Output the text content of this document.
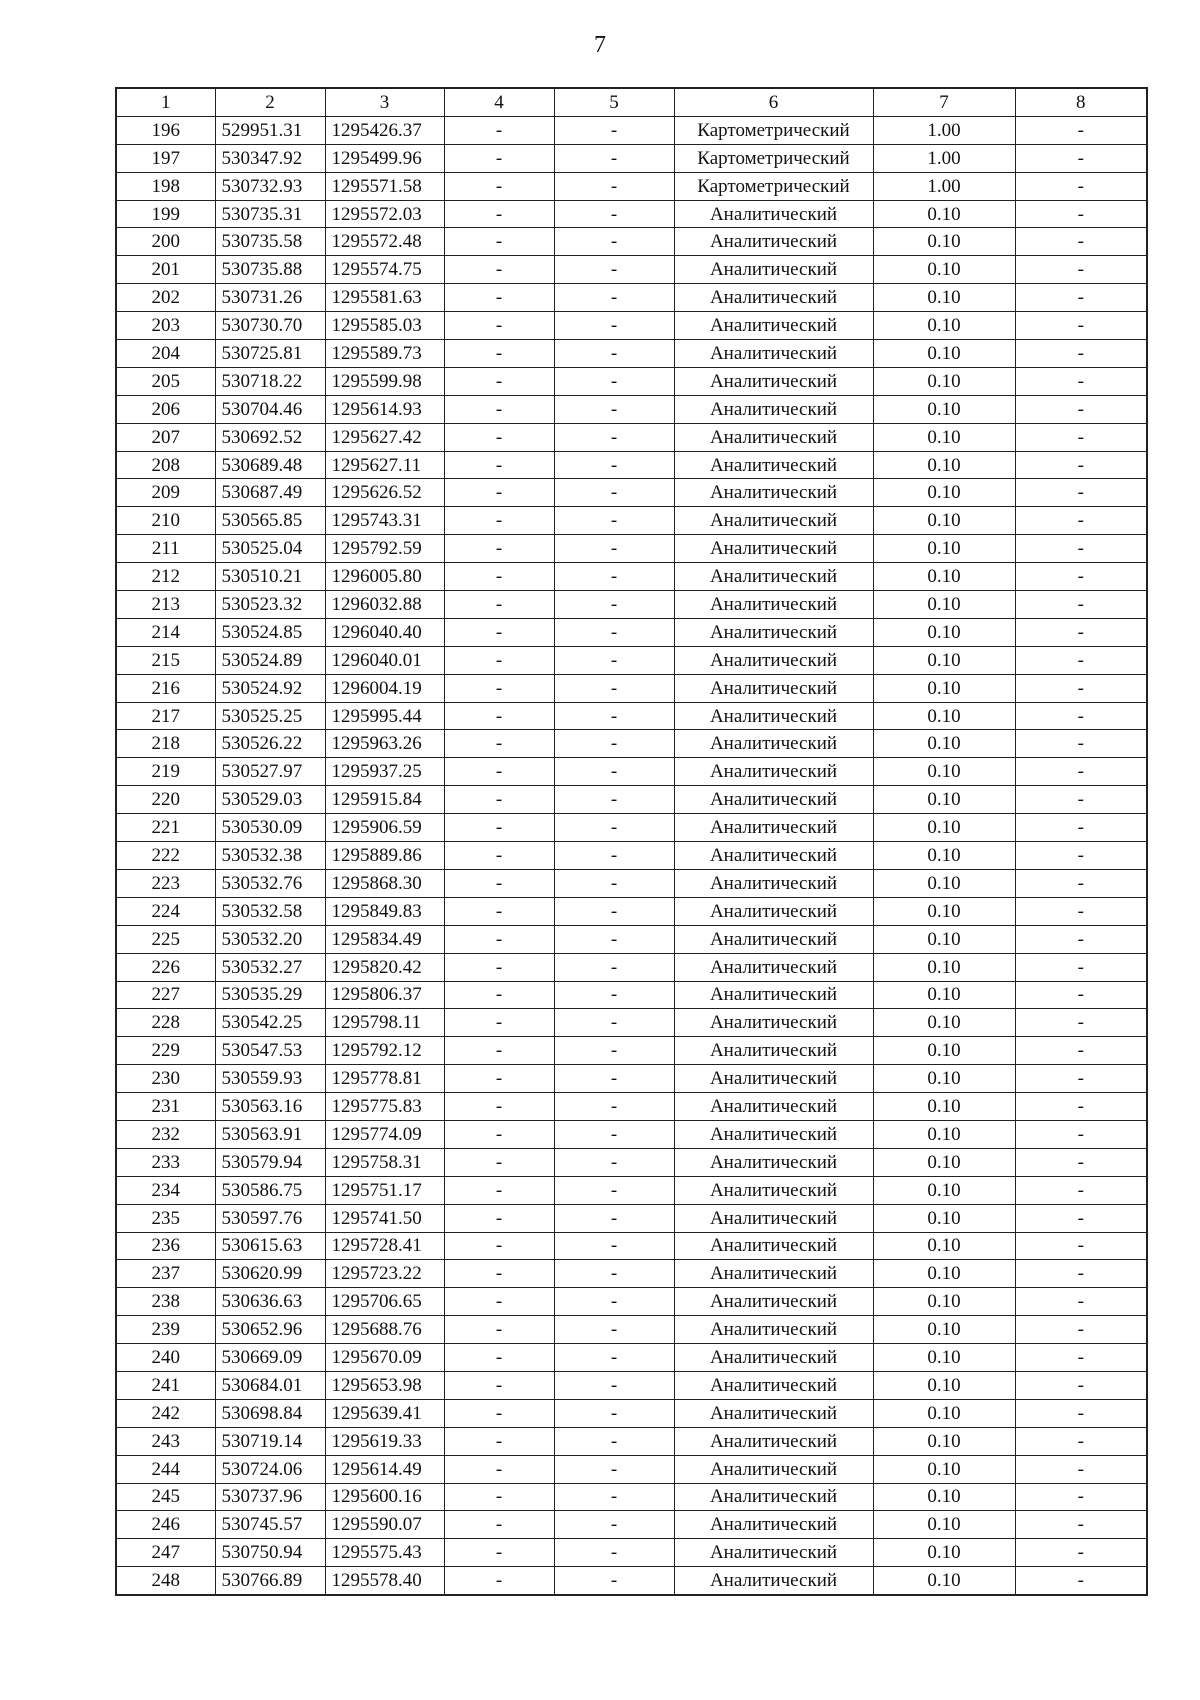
7
1	2	3	4	5	6	7	8
196	529951.31	1295426.37	-	-	Картометрический	1.00	-
197	530347.92	1295499.96	-	-	Картометрический	1.00	-
198	530732.93	1295571.58	-	-	Картометрический	1.00	-
199	530735.31	1295572.03	-	-	Аналитический	0.10	-
200	530735.58	1295572.48	-	-	Аналитический	0.10	-
201	530735.88	1295574.75	-	-	Аналитический	0.10	-
202	530731.26	1295581.63	-	-	Аналитический	0.10	-
203	530730.70	1295585.03	-	-	Аналитический	0.10	-
204	530725.81	1295589.73	-	-	Аналитический	0.10	-
205	530718.22	1295599.98	-	-	Аналитический	0.10	-
206	530704.46	1295614.93	-	-	Аналитический	0.10	-
207	530692.52	1295627.42	-	-	Аналитический	0.10	-
208	530689.48	1295627.11	-	-	Аналитический	0.10	-
209	530687.49	1295626.52	-	-	Аналитический	0.10	-
210	530565.85	1295743.31	-	-	Аналитический	0.10	-
211	530525.04	1295792.59	-	-	Аналитический	0.10	-
212	530510.21	1296005.80	-	-	Аналитический	0.10	-
213	530523.32	1296032.88	-	-	Аналитический	0.10	-
214	530524.85	1296040.40	-	-	Аналитический	0.10	-
215	530524.89	1296040.01	-	-	Аналитический	0.10	-
216	530524.92	1296004.19	-	-	Аналитический	0.10	-
217	530525.25	1295995.44	-	-	Аналитический	0.10	-
218	530526.22	1295963.26	-	-	Аналитический	0.10	-
219	530527.97	1295937.25	-	-	Аналитический	0.10	-
220	530529.03	1295915.84	-	-	Аналитический	0.10	-
221	530530.09	1295906.59	-	-	Аналитический	0.10	-
222	530532.38	1295889.86	-	-	Аналитический	0.10	-
223	530532.76	1295868.30	-	-	Аналитический	0.10	-
224	530532.58	1295849.83	-	-	Аналитический	0.10	-
225	530532.20	1295834.49	-	-	Аналитический	0.10	-
226	530532.27	1295820.42	-	-	Аналитический	0.10	-
227	530535.29	1295806.37	-	-	Аналитический	0.10	-
228	530542.25	1295798.11	-	-	Аналитический	0.10	-
229	530547.53	1295792.12	-	-	Аналитический	0.10	-
230	530559.93	1295778.81	-	-	Аналитический	0.10	-
231	530563.16	1295775.83	-	-	Аналитический	0.10	-
232	530563.91	1295774.09	-	-	Аналитический	0.10	-
233	530579.94	1295758.31	-	-	Аналитический	0.10	-
234	530586.75	1295751.17	-	-	Аналитический	0.10	-
235	530597.76	1295741.50	-	-	Аналитический	0.10	-
236	530615.63	1295728.41	-	-	Аналитический	0.10	-
237	530620.99	1295723.22	-	-	Аналитический	0.10	-
238	530636.63	1295706.65	-	-	Аналитический	0.10	-
239	530652.96	1295688.76	-	-	Аналитический	0.10	-
240	530669.09	1295670.09	-	-	Аналитический	0.10	-
241	530684.01	1295653.98	-	-	Аналитический	0.10	-
242	530698.84	1295639.41	-	-	Аналитический	0.10	-
243	530719.14	1295619.33	-	-	Аналитический	0.10	-
244	530724.06	1295614.49	-	-	Аналитический	0.10	-
245	530737.96	1295600.16	-	-	Аналитический	0.10	-
246	530745.57	1295590.07	-	-	Аналитический	0.10	-
247	530750.94	1295575.43	-	-	Аналитический	0.10	-
248	530766.89	1295578.40	-	-	Аналитический	0.10	-
